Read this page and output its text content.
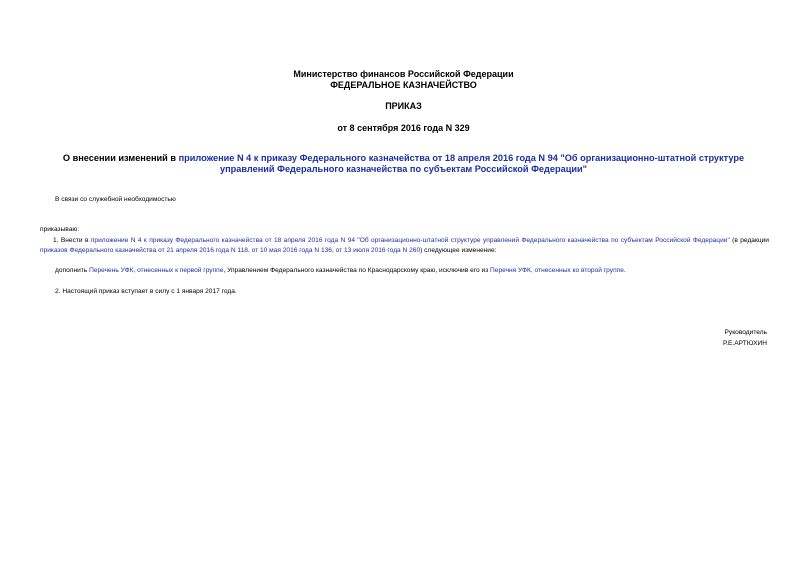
Министерство финансов Российской Федерации
ФЕДЕРАЛЬНОЕ КАЗНАЧЕЙСТВО
ПРИКАЗ
от 8 сентября 2016 года N 329
О внесении изменений в приложение N 4 к приказу Федерального казначейства от 18 апреля 2016 года N 94 "Об организационно-штатной структуре управлений Федерального казначейства по субъектам Российской Федерации"
В связи со служебной необходимостью
приказываю:
1. Внести в приложение N 4 к приказу Федерального казначейства от 18 апреля 2016 года N 94 "Об организационно-штатной структуре управлений Федерального казначейства по субъектам Российской Федерации" (в редакции приказов Федерального казначейства от 21 апреля 2016 года N 118, от 10 мая 2016 года N 136, от 13 июля 2016 года N 260) следующее изменение:
дополнить Перечень УФК, отнесенных к первой группе, Управлением Федерального казначейства по Краснодарскому краю, исключив его из Перечня УФК, отнесенных ко второй группе.
2. Настоящий приказ вступает в силу с 1 января 2017 года.
Руководитель
Р.Е.АРТЮХИН
